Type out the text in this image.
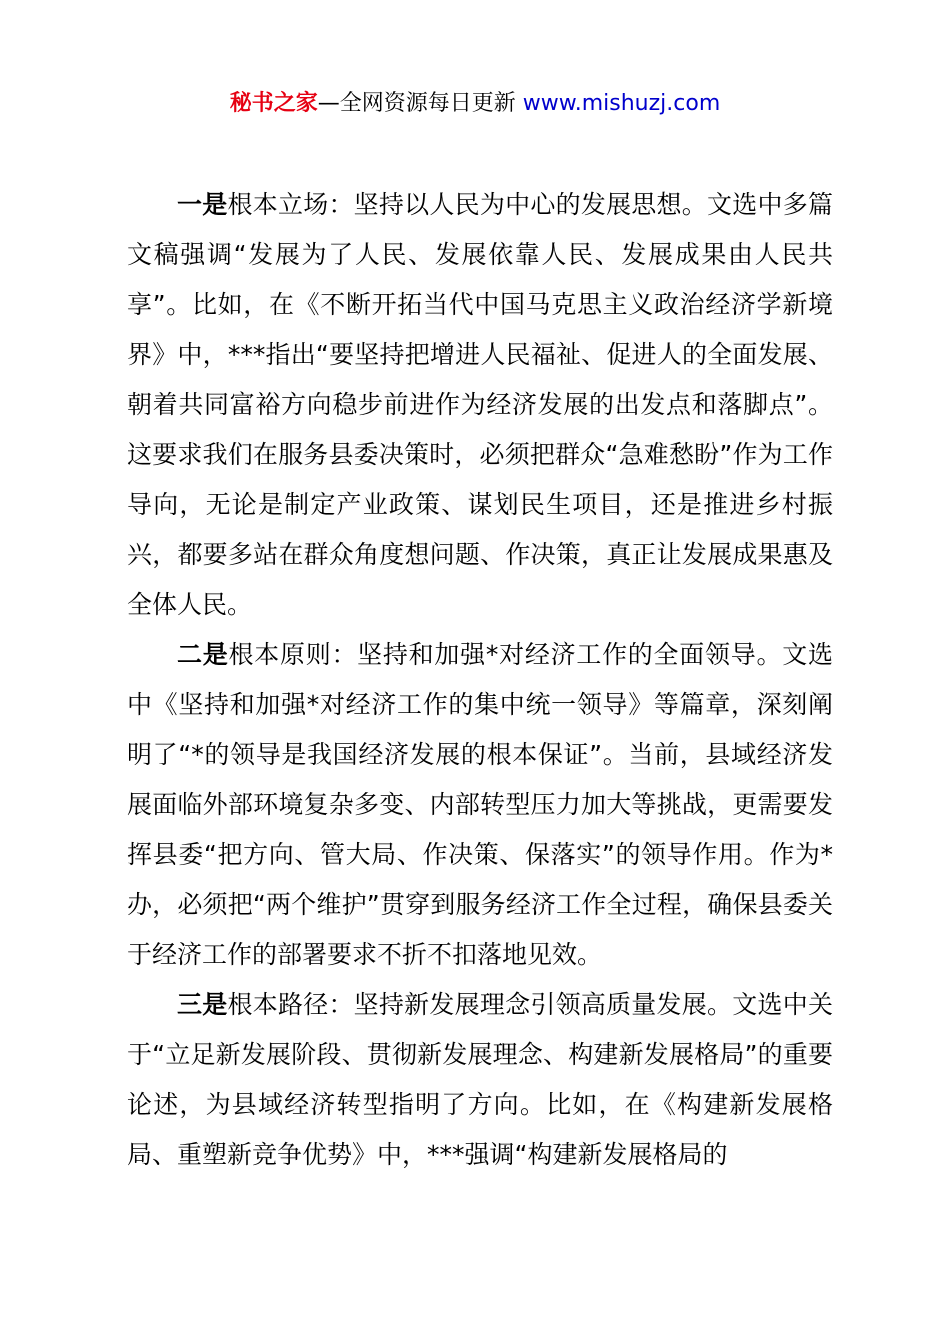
秘书之家—全网资源每日更新 www.mishuzj.com

一是根本立场：坚持以人民为中心的发展思想。文选中多篇文稿强调“发展为了人民、发展依靠人民、发展成果由人民共享”。比如，在《不断开拓当代中国马克思主义政治经济学新境界》中，***指出“要坚持把增进人民福祉、促进人的全面发展、朝着共同富裕方向稳步前进作为经济发展的出发点和落脚点”。这要求我们在服务县委决策时，必须把群众“急难愁盼”作为工作导向，无论是制定产业政策、谋划民生项目，还是推进乡村振兴，都要多站在群众角度想问题、作决策，真正让发展成果惠及全体人民。

二是根本原则：坚持和加强*对经济工作的全面领导。文选中《坚持和加强*对经济工作的集中统一领导》等篇章，深刻阐明了“*的领导是我国经济发展的根本保证”。当前，县域经济发展面临外部环境复杂多变、内部转型压力加大等挑战，更需要发挥县委“把方向、管大局、作决策、保落实”的领导作用。作为*办，必须把“两个维护”贯穿到服务经济工作全过程，确保县委关于经济工作的部署要求不折不扣落地见效。

三是根本路径：坚持新发展理念引领高质量发展。文选中关于“立足新发展阶段、贯彻新发展理念、构建新发展格局”的重要论述，为县域经济转型指明了方向。比如，在《构建新发展格局、重塑新竞争优势》中，***强调“构建新发展格局的
